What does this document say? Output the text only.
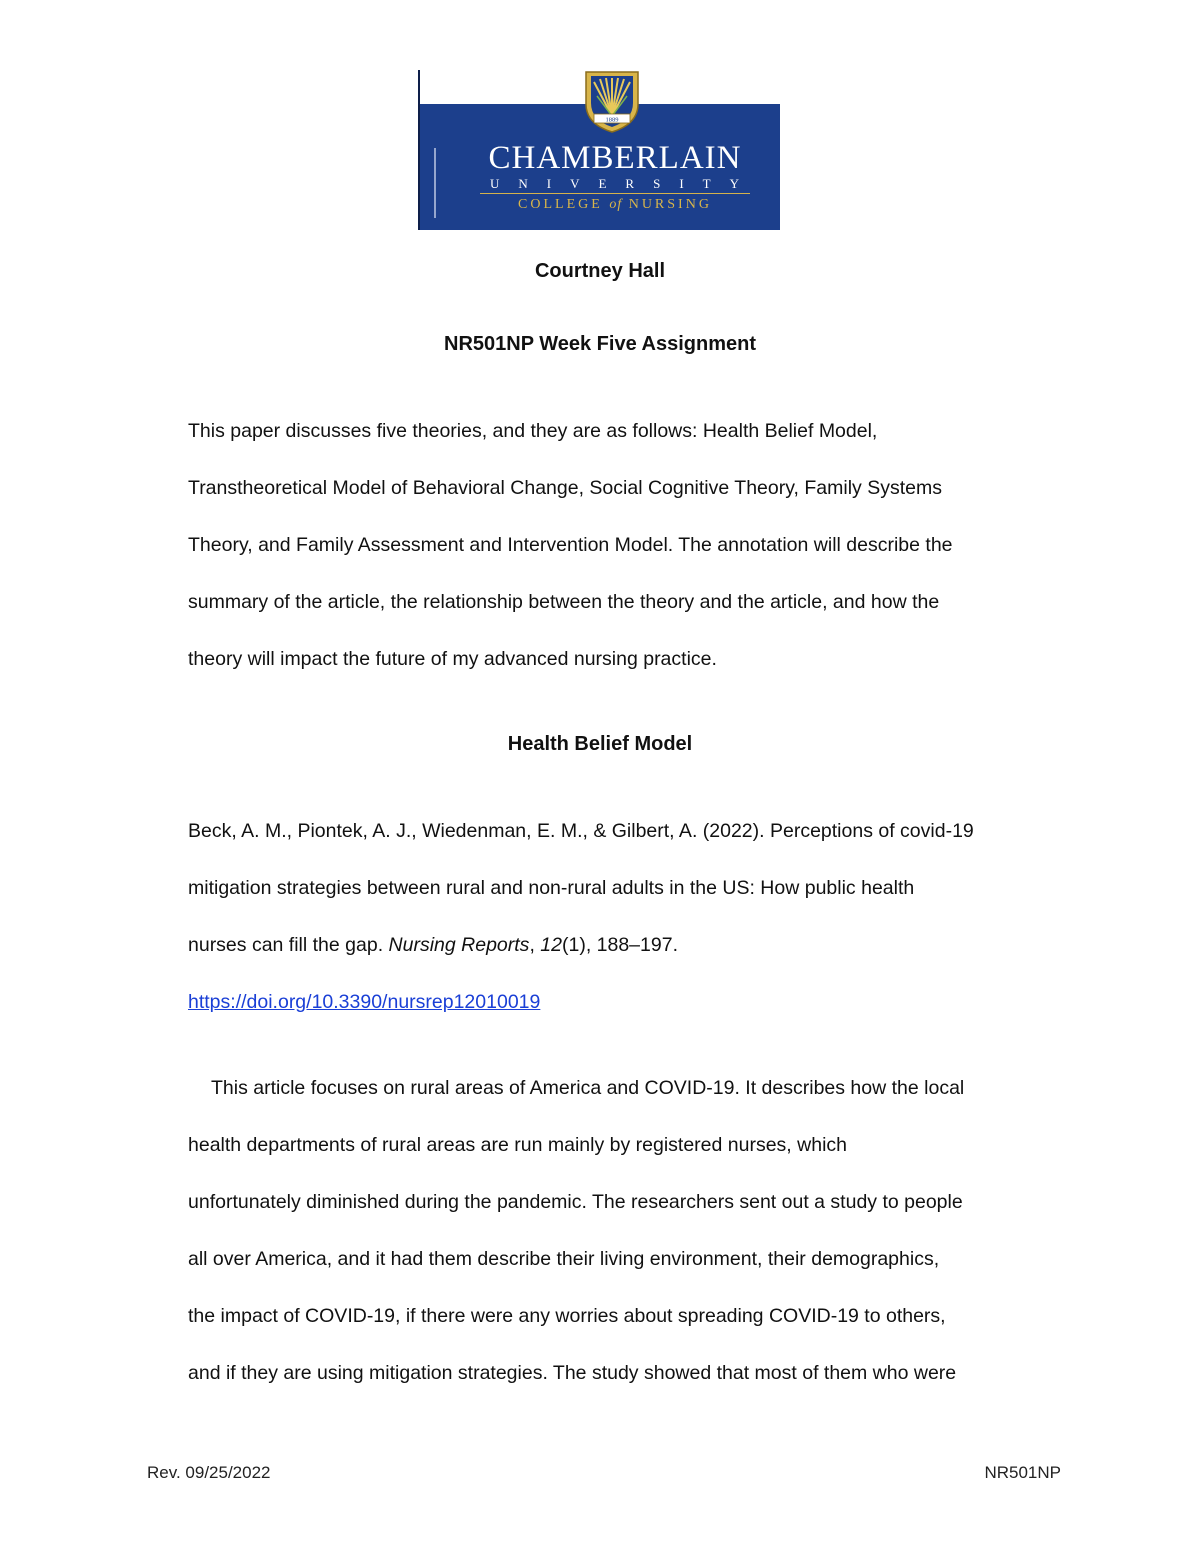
1889
CHAMBERLAIN
UNIVERSITY
COLLEGE of NURSING
Courtney Hall
NR501NP Week Five Assignment
This paper discusses five theories, and they are as follows: Health Belief Model,
Transtheoretical Model of Behavioral Change, Social Cognitive Theory, Family Systems
Theory, and Family Assessment and Intervention Model. The annotation will describe the
summary of the article, the relationship between the theory and the article, and how the
theory will impact the future of my advanced nursing practice.
Health Belief Model
Beck, A. M., Piontek, A. J., Wiedenman, E. M., & Gilbert, A. (2022). Perceptions of covid-19
mitigation strategies between rural and non-rural adults in the US: How public health
nurses can fill the gap. Nursing Reports, 12(1), 188–197.
https://doi.org/10.3390/nursrep12010019
This article focuses on rural areas of America and COVID-19. It describes how the local
health departments of rural areas are run mainly by registered nurses, which
unfortunately diminished during the pandemic. The researchers sent out a study to people
all over America, and it had them describe their living environment, their demographics,
the impact of COVID-19, if there were any worries about spreading COVID-19 to others,
and if they are using mitigation strategies. The study showed that most of them who were
Rev. 09/25/2022	NR501NP
